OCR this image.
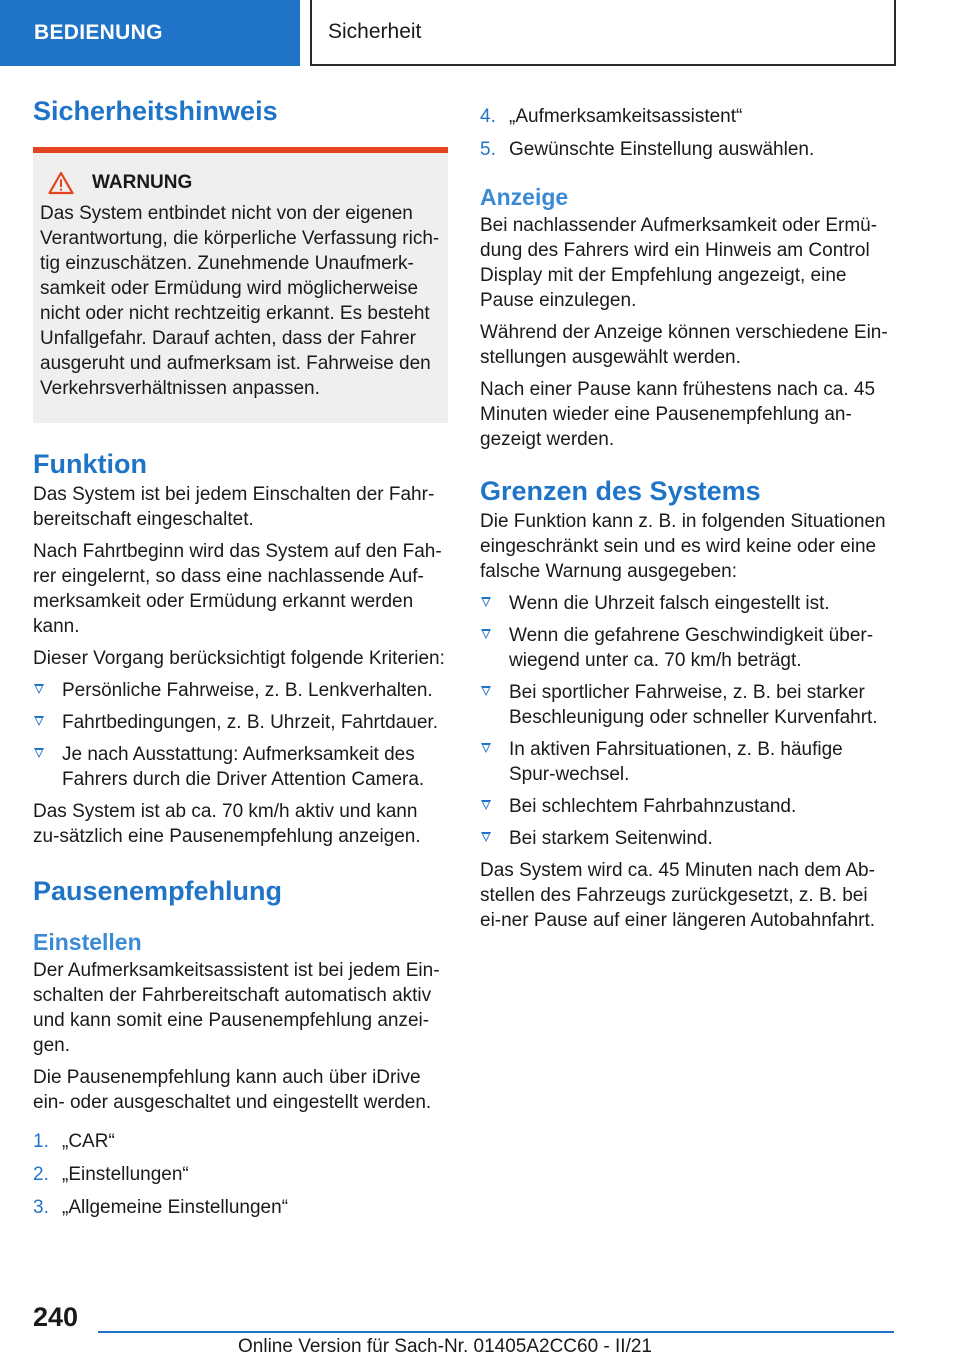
BEDIENUNG	Sicherheit
Sicherheitshinweis
WARNUNG

Das System entbindet nicht von der eigenen Verantwortung, die körperliche Verfassung rich-tig einzuschätzen. Zunehmende Unaufmerk-samkeit oder Ermüdung wird möglicherweise nicht oder nicht rechtzeitig erkannt. Es besteht Unfallgefahr. Darauf achten, dass der Fahrer ausgeruht und aufmerksam ist. Fahrweise den Verkehrsverhältnissen anpassen.

Funktion

Das System ist bei jedem Einschalten der Fahr-bereitschaft eingeschaltet.

Nach Fahrtbeginn wird das System auf den Fah-rer eingelernt, so dass eine nachlassende Auf-merksamkeit oder Ermüdung erkannt werden kann.

Dieser Vorgang berücksichtigt folgende Kriterien:

Persönliche Fahrweise, z. B. Lenkverhalten.
Fahrtbedingungen, z. B. Uhrzeit, Fahrtdauer.
Je nach Ausstattung: Aufmerksamkeit des Fahrers durch die Driver Attention Camera.

Das System ist ab ca. 70 km/h aktiv und kann zu-sätzlich eine Pausenempfehlung anzeigen.

Pausenempfehlung
Einstellen

Der Aufmerksamkeitsassistent ist bei jedem Ein-schalten der Fahrbereitschaft automatisch aktiv und kann somit eine Pausenempfehlung anzei-gen.

Die Pausenempfehlung kann auch über iDrive ein- oder ausgeschaltet und eingestellt werden.

1. „CAR“
2. „Einstellungen“
3. „Allgemeine Einstellungen“
4. „Aufmerksamkeitsassistent“
5. Gewünschte Einstellung auswählen.
Anzeige

Bei nachlassender Aufmerksamkeit oder Ermü-dung des Fahrers wird ein Hinweis am Control Display mit der Empfehlung angezeigt, eine Pause einzulegen.

Während der Anzeige können verschiedene Ein-stellungen ausgewählt werden.

Nach einer Pause kann frühestens nach ca. 45 Minuten wieder eine Pausenempfehlung an-gezeigt werden.

Grenzen des Systems

Die Funktion kann z. B. in folgenden Situationen eingeschränkt sein und es wird keine oder eine falsche Warnung ausgegeben:

Wenn die Uhrzeit falsch eingestellt ist.
Wenn die gefahrene Geschwindigkeit über-wiegend unter ca. 70 km/h beträgt.
Bei sportlicher Fahrweise, z. B. bei starker Beschleunigung oder schneller Kurvenfahrt.
In aktiven Fahrsituationen, z. B. häufige Spur-wechsel.
Bei schlechtem Fahrbahnzustand.
Bei starkem Seitenwind.

Das System wird ca. 45 Minuten nach dem Ab-stellen des Fahrzeugs zurückgesetzt, z. B. bei ei-ner Pause auf einer längeren Autobahnfahrt.

240
Online Version für Sach-Nr. 01405A2CC60 - II/21
